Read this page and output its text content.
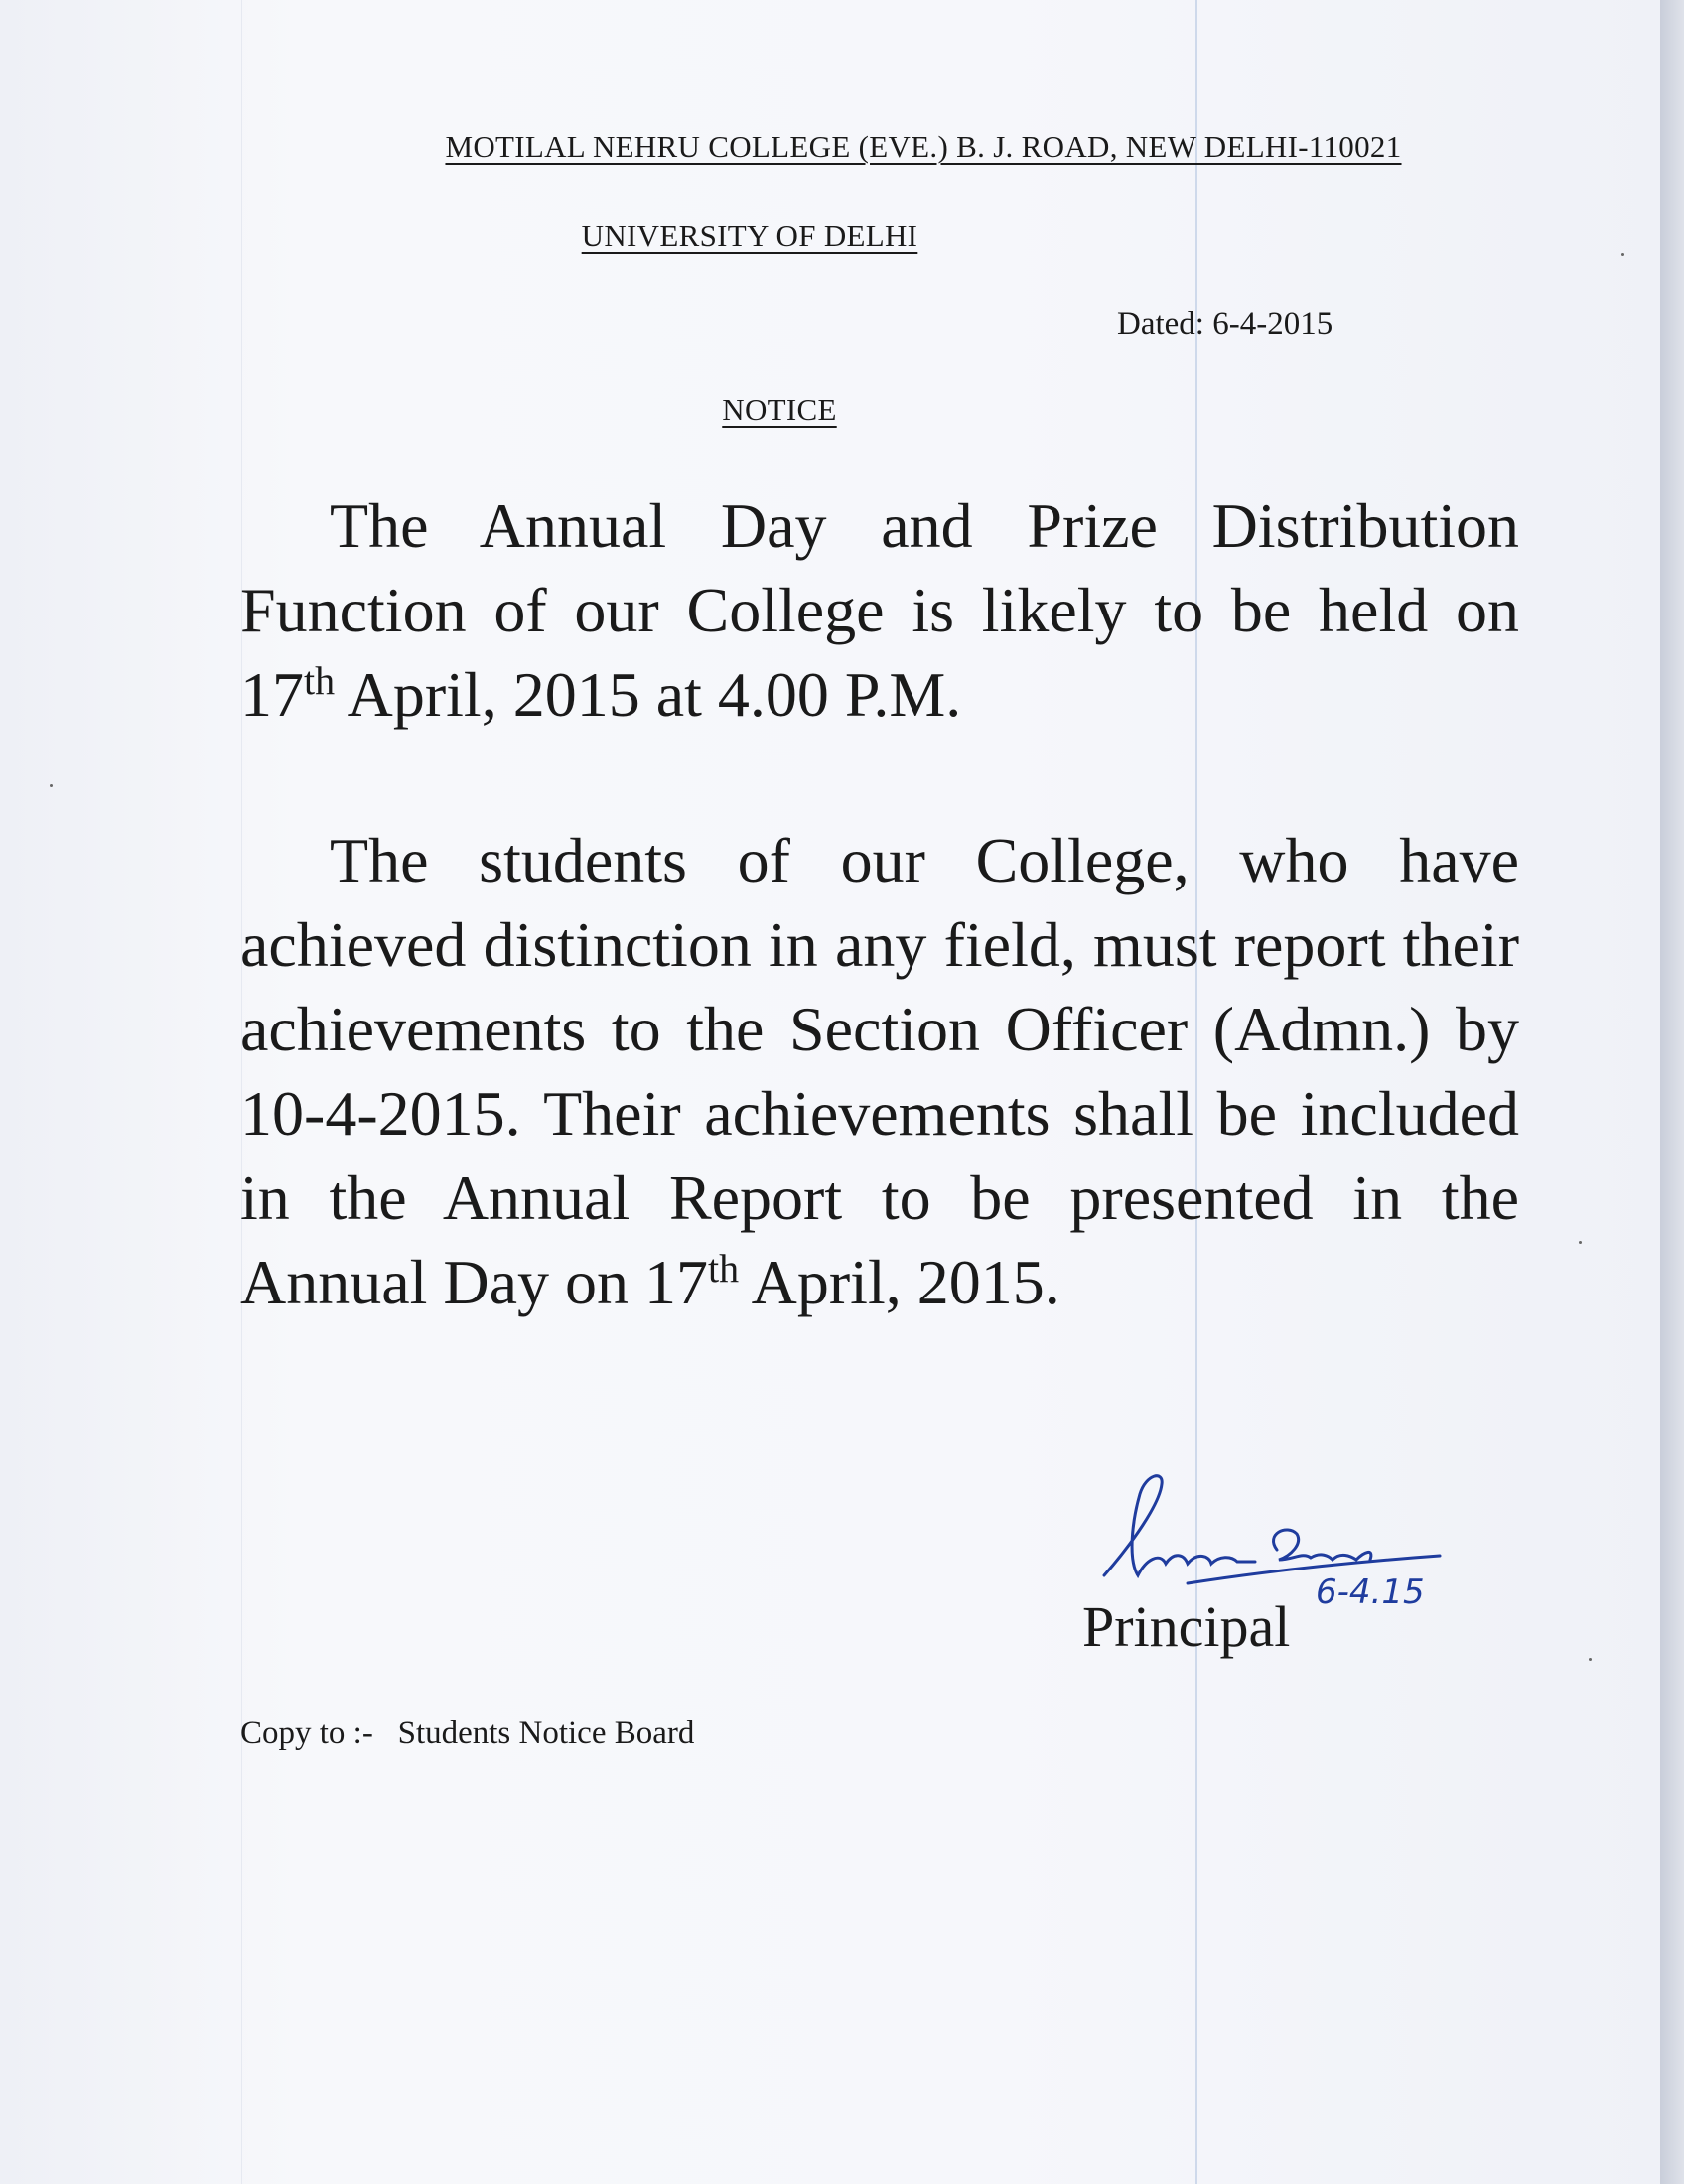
MOTILAL NEHRU COLLEGE (EVE.) B. J. ROAD, NEW DELHI-110021
UNIVERSITY OF DELHI
Dated: 6-4-2015
NOTICE
The Annual Day and Prize Distribution Function of our College is likely to be held on 17th April, 2015 at 4.00 P.M.
The students of our College, who have achieved distinction in any field, must report their achievements to the Section Officer (Admn.) by 10-4-2015. Their achievements shall be included in the Annual Report to be presented in the Annual Day on 17th April, 2015.
6-4.15
Principal
Copy to :-   Students Notice Board
